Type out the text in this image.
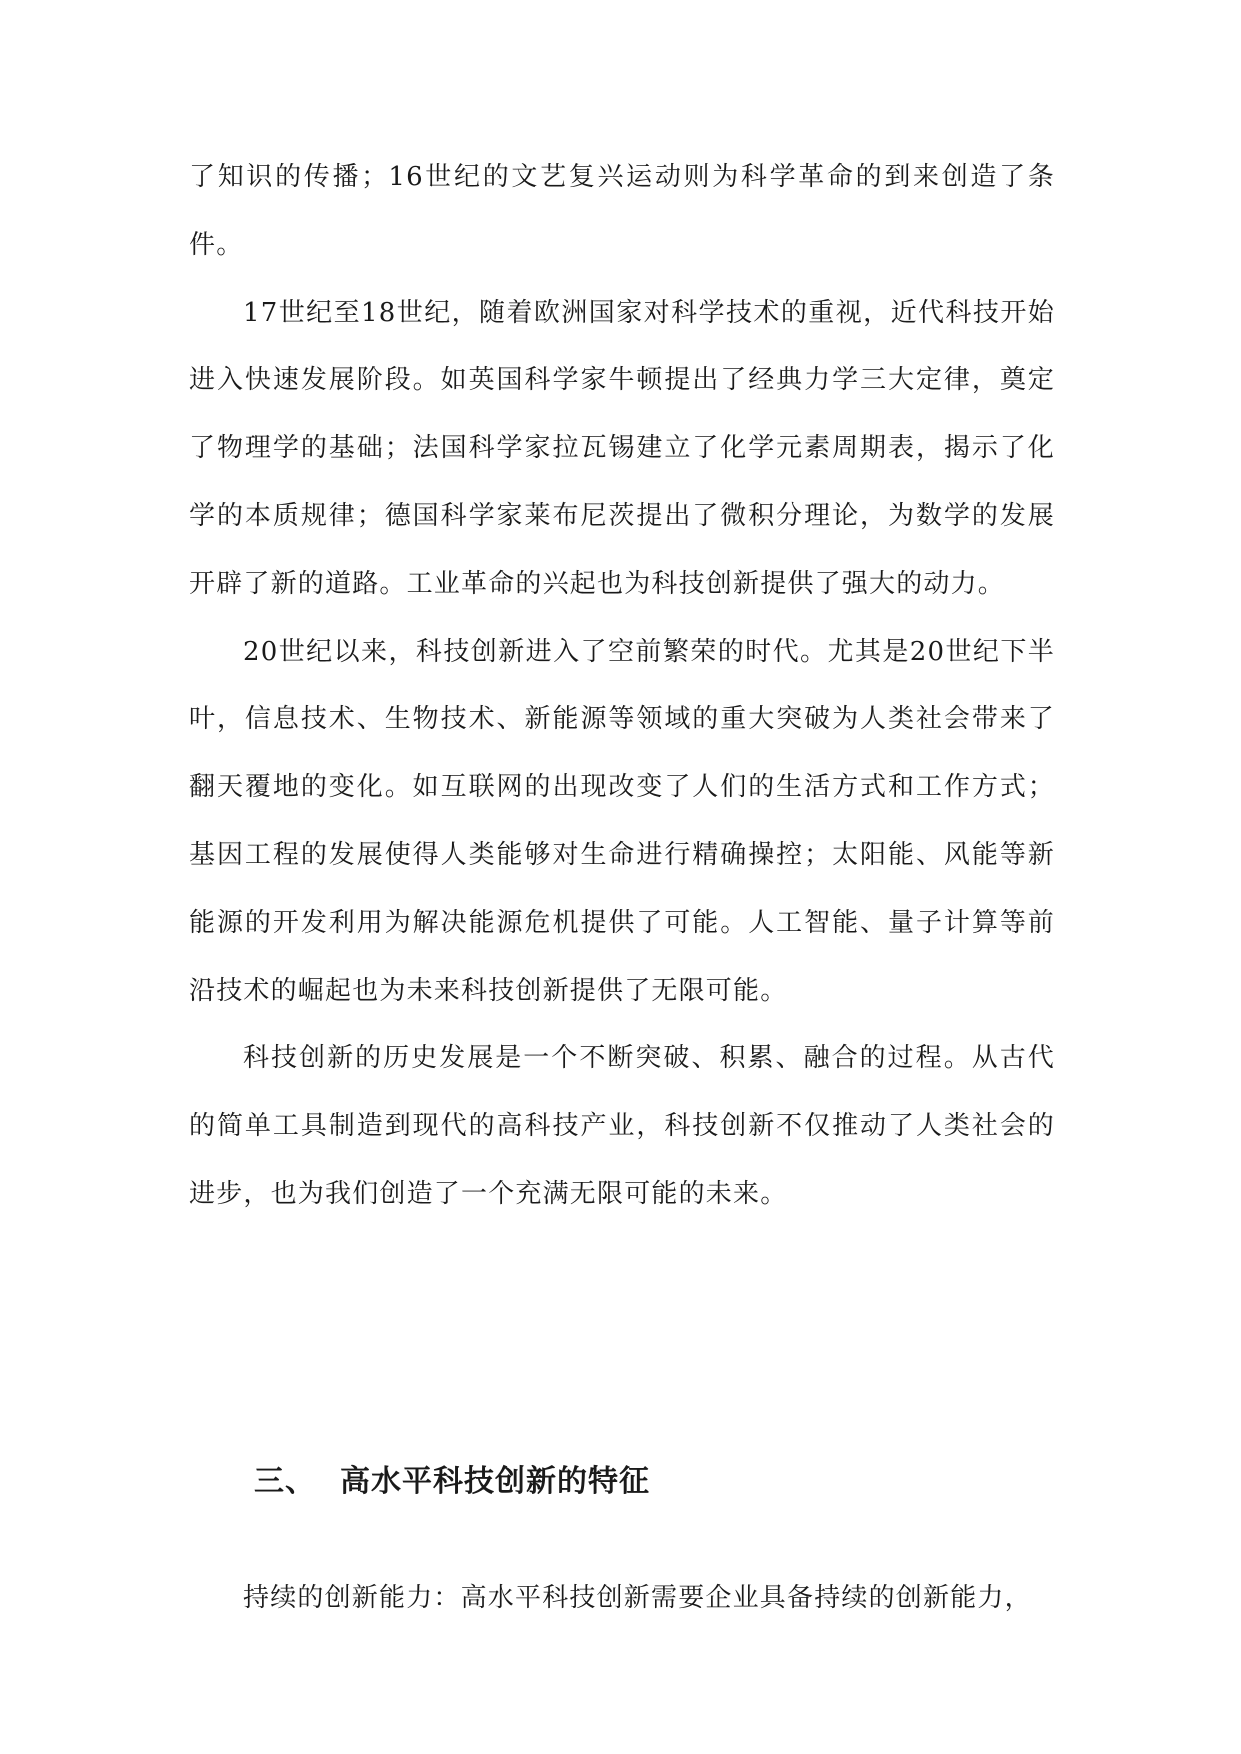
了知识的传播；16世纪的文艺复兴运动则为科学革命的到来创造了条件。

17世纪至18世纪，随着欧洲国家对科学技术的重视，近代科技开始进入快速发展阶段。如英国科学家牛顿提出了经典力学三大定律，奠定了物理学的基础；法国科学家拉瓦锡建立了化学元素周期表，揭示了化学的本质规律；德国科学家莱布尼茨提出了微积分理论，为数学的发展开辟了新的道路。工业革命的兴起也为科技创新提供了强大的动力。

20世纪以来，科技创新进入了空前繁荣的时代。尤其是20世纪下半叶，信息技术、生物技术、新能源等领域的重大突破为人类社会带来了翻天覆地的变化。如互联网的出现改变了人们的生活方式和工作方式；基因工程的发展使得人类能够对生命进行精确操控；太阳能、风能等新能源的开发利用为解决能源危机提供了可能。人工智能、量子计算等前沿技术的崛起也为未来科技创新提供了无限可能。

科技创新的历史发展是一个不断突破、积累、融合的过程。从古代的简单工具制造到现代的高科技产业，科技创新不仅推动了人类社会的进步，也为我们创造了一个充满无限可能的未来。

三、 高水平科技创新的特征

持续的创新能力：高水平科技创新需要企业具备持续的创新能力，
